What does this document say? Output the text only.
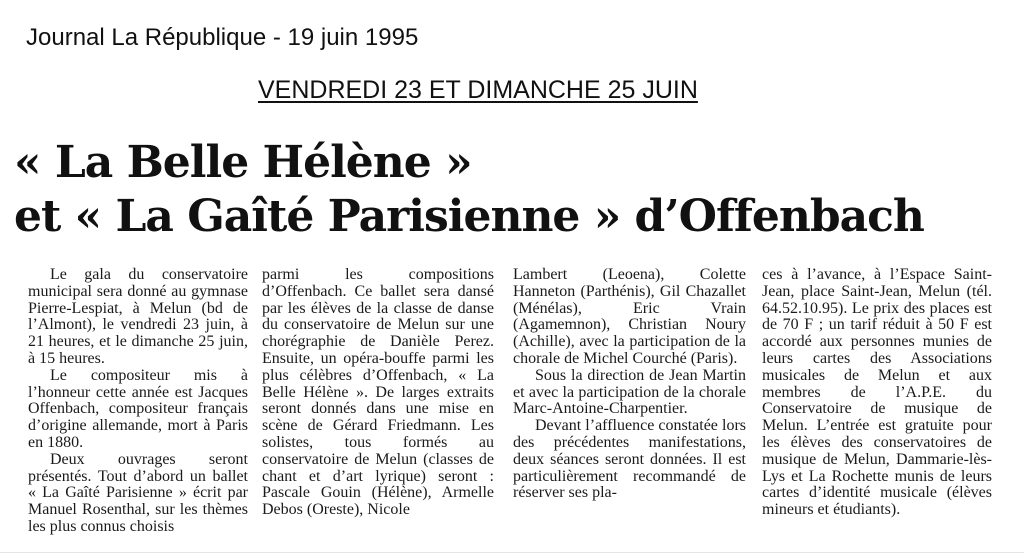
Journal La République - 19 juin 1995
VENDREDI 23 ET DIMANCHE 25 JUIN
« La Belle Hélène »
et « La Gaîté Parisienne » d’Offenbach

Le gala du conservatoire municipal sera donné au gymnase Pierre-Lespiat, à Melun (bd de l’Almont), le vendredi 23 juin, à 21 heures, et le dimanche 25 juin, à 15 heures.

Le compositeur mis à l’honneur cette année est Jacques Offenbach, compositeur français d’origine allemande, mort à Paris en 1880.

Deux ouvrages seront présentés. Tout d’abord un ballet « La Gaîté Parisienne » écrit par Manuel Rosenthal, sur les thèmes les plus connus choisis

parmi les compositions d’Offenbach. Ce ballet sera dansé par les élèves de la classe de danse du conservatoire de Melun sur une chorégraphie de Danièle Perez. Ensuite, un opéra-bouffe parmi les plus célèbres d’Offenbach, « La Belle Hélène ». De larges extraits seront donnés dans une mise en scène de Gérard Friedmann. Les solistes, tous formés au conservatoire de Melun (classes de chant et d’art lyrique) seront : Pascale Gouin (Hélène), Armelle Debos (Oreste), Nicole

Lambert (Leoena), Colette Hanneton (Parthénis), Gil Chazallet (Ménélas), Eric Vrain (Agamemnon), Christian Noury (Achille), avec la participation de la chorale de Michel Courché (Paris).

Sous la direction de Jean Martin et avec la participation de la chorale Marc-Antoine-Charpentier.

Devant l’affluence constatée lors des précédentes manifestations, deux séances seront données. Il est particulièrement recommandé de réserver ses pla-

ces à l’avance, à l’Espace Saint-Jean, place Saint-Jean, Melun (tél. 64.52.10.95). Le prix des places est de 70 F ; un tarif réduit à 50 F est accordé aux personnes munies de leurs cartes des Associations musicales de Melun et aux membres de l’A.P.E. du Conservatoire de musique de Melun. L’entrée est gratuite pour les élèves des conservatoires de musique de Melun, Dammarie-lès-Lys et La Rochette munis de leurs cartes d’identité musicale (élèves mineurs et étudiants).
